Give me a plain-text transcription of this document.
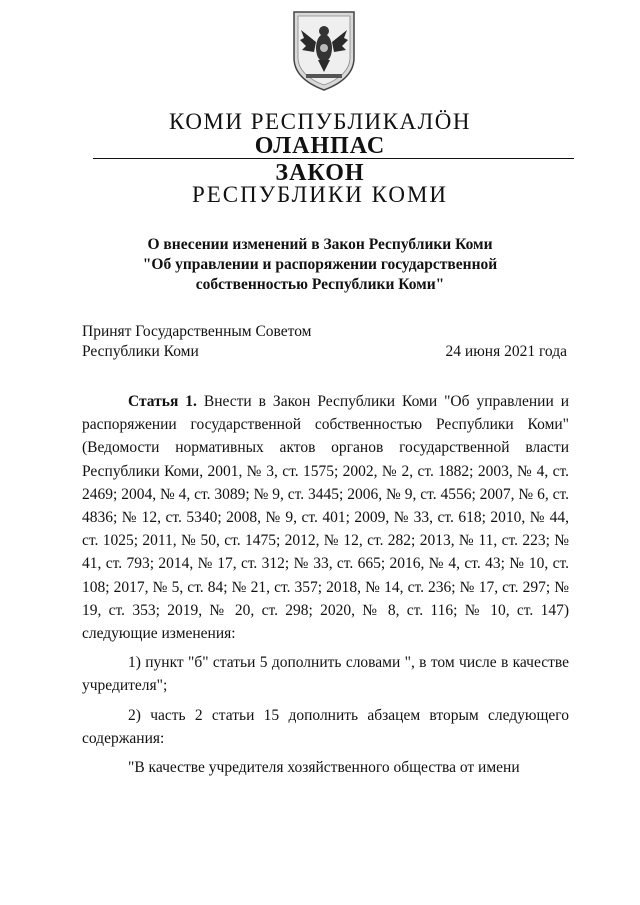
КОМИ РЕСПУБЛИКАЛÖН
ОЛАНПАС
ЗАКОН
РЕСПУБЛИКИ КОМИ
О внесении изменений в Закон Республики Коми
"Об управлении и распоряжении государственной
собственностью Республики Коми"
Принят Государственным Советом
Республики Коми	24 июня 2021 года

Статья 1. Внести в Закон Республики Коми "Об управлении и распоряжении государственной собственностью Республики Коми" (Ведомости нормативных актов органов государственной власти Республики Коми, 2001, № 3, ст. 1575; 2002, № 2, ст. 1882; 2003, № 4, ст. 2469; 2004, № 4, ст. 3089; № 9, ст. 3445; 2006, № 9, ст. 4556; 2007, № 6, ст. 4836; № 12, ст. 5340; 2008, № 9, ст. 401; 2009, № 33, ст. 618; 2010, № 44, ст. 1025; 2011, № 50, ст. 1475; 2012, № 12, ст. 282; 2013, № 11, ст. 223; № 41, ст. 793; 2014, № 17, ст. 312; № 33, ст. 665; 2016, № 4, ст. 43; № 10, ст. 108; 2017, № 5, ст. 84; № 21, ст. 357; 2018, № 14, ст. 236; № 17, ст. 297; № 19, ст. 353; 2019, № 20, ст. 298; 2020, № 8, ст. 116; № 10, ст. 147) следующие изменения:

1) пункт "б" статьи 5 дополнить словами ", в том числе в качестве учредителя";

2) часть 2 статьи 15 дополнить абзацем вторым следующего содержания:

"В качестве учредителя хозяйственного общества от имени
